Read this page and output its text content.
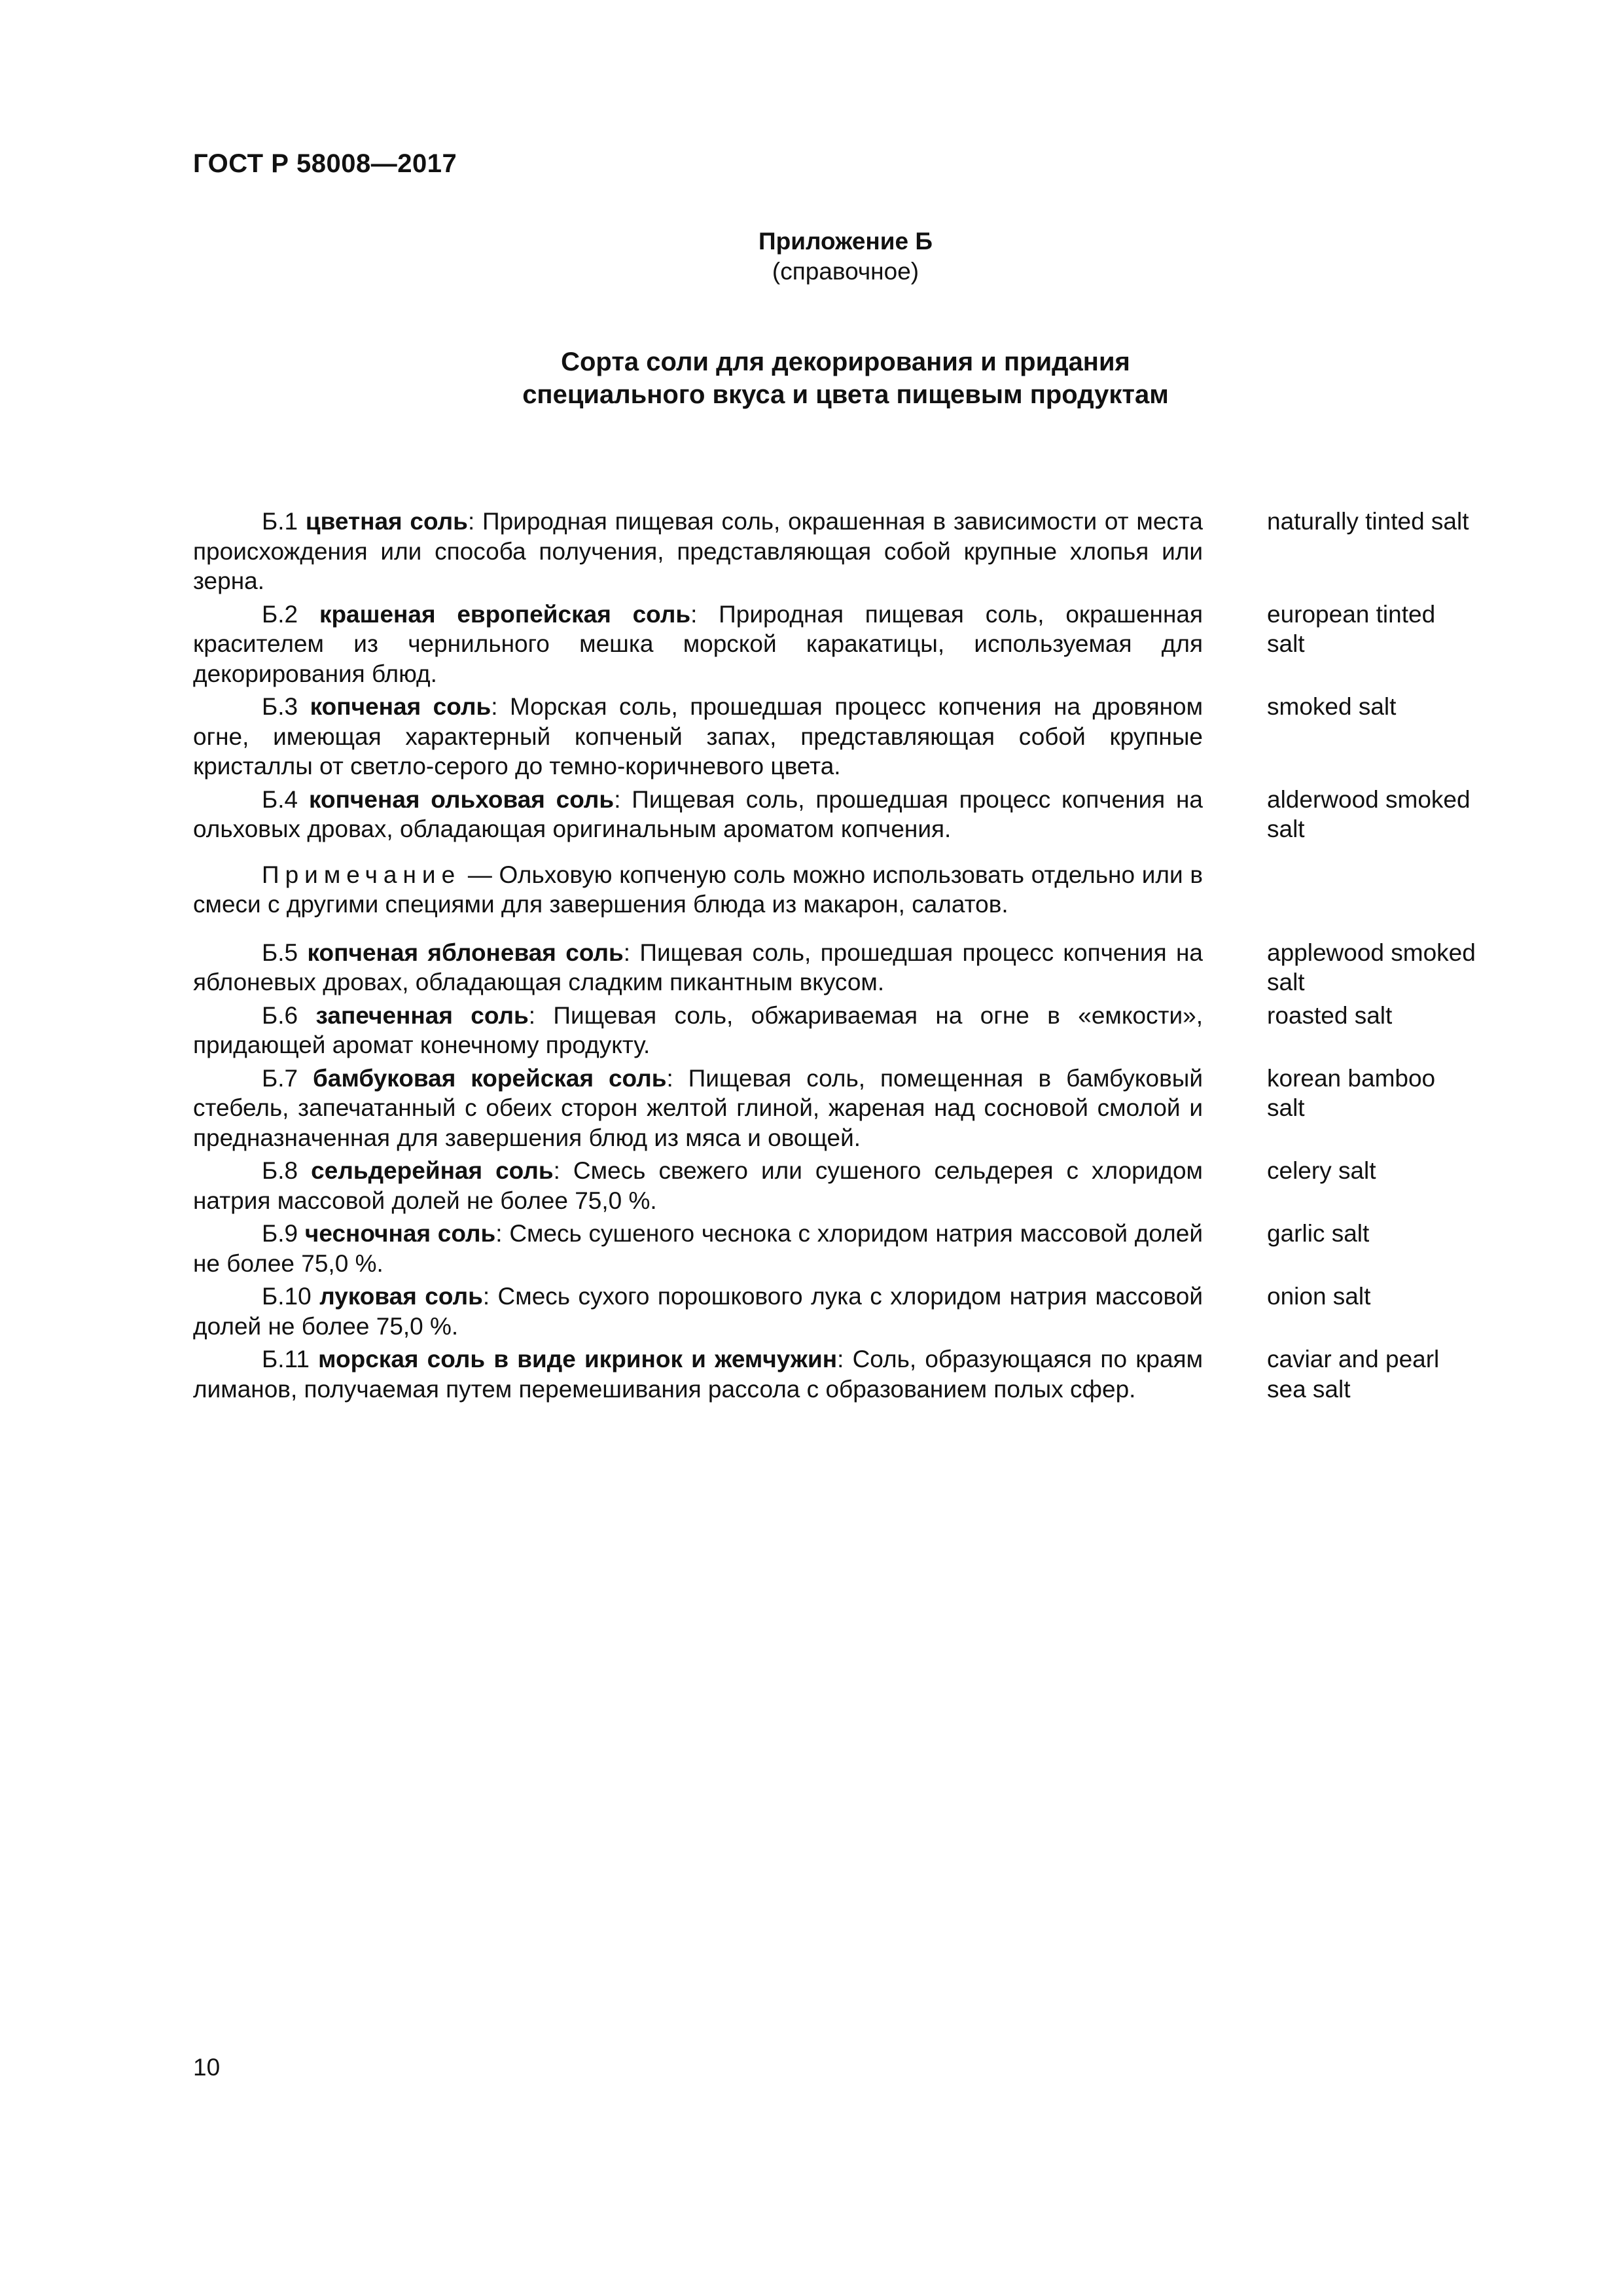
ГОСТ Р 58008—2017
Приложение Б
(справочное)
Сорта соли для декорирования и придания
специального вкуса и цвета пищевым продуктам
Б.1 цветная соль: Природная пищевая соль, окрашенная в зависимости от места происхождения или способа получения, представляющая собой крупные хлопья или зерна.
naturally tinted salt
Б.2 крашеная европейская соль: Природная пищевая соль, окрашенная красителем из чернильного мешка морской каракатицы, используемая для декорирования блюд.
european tinted salt
Б.3 копченая соль: Морская соль, прошедшая процесс копчения на дровяном огне, имеющая характерный копченый запах, представляющая собой крупные кристаллы от светло-серого до темно-коричневого цвета.
smoked salt
Б.4 копченая ольховая соль: Пищевая соль, прошедшая процесс копчения на ольховых дровах, обладающая оригинальным ароматом копчения.
alderwood smoked salt
Примечание — Ольховую копченую соль можно использовать отдельно или в смеси с другими специями для завершения блюда из макарон, салатов.
Б.5 копченая яблоневая соль: Пищевая соль, прошедшая процесс копчения на яблоневых дровах, обладающая сладким пикантным вкусом.
applewood smoked salt
Б.6 запеченная соль: Пищевая соль, обжариваемая на огне в «емкости», придающей аромат конечному продукту.
roasted salt
Б.7 бамбуковая корейская соль: Пищевая соль, помещенная в бамбуковый стебель, запечатанный с обеих сторон желтой глиной, жареная над сосновой смолой и предназначенная для завершения блюд из мяса и овощей.
korean bamboo salt
Б.8 сельдерейная соль: Смесь свежего или сушеного сельдерея с хлоридом натрия массовой долей не более 75,0 %.
celery salt
Б.9 чесночная соль: Смесь сушеного чеснока с хлоридом натрия массовой долей не более 75,0 %.
garlic salt
Б.10 луковая соль: Смесь сухого порошкового лука с хлоридом натрия массовой долей не более 75,0 %.
onion salt
Б.11 морская соль в виде икринок и жемчужин: Соль, образующаяся по краям лиманов, получаемая путем перемешивания рассола с образованием полых сфер.
caviar and pearl sea salt
10
